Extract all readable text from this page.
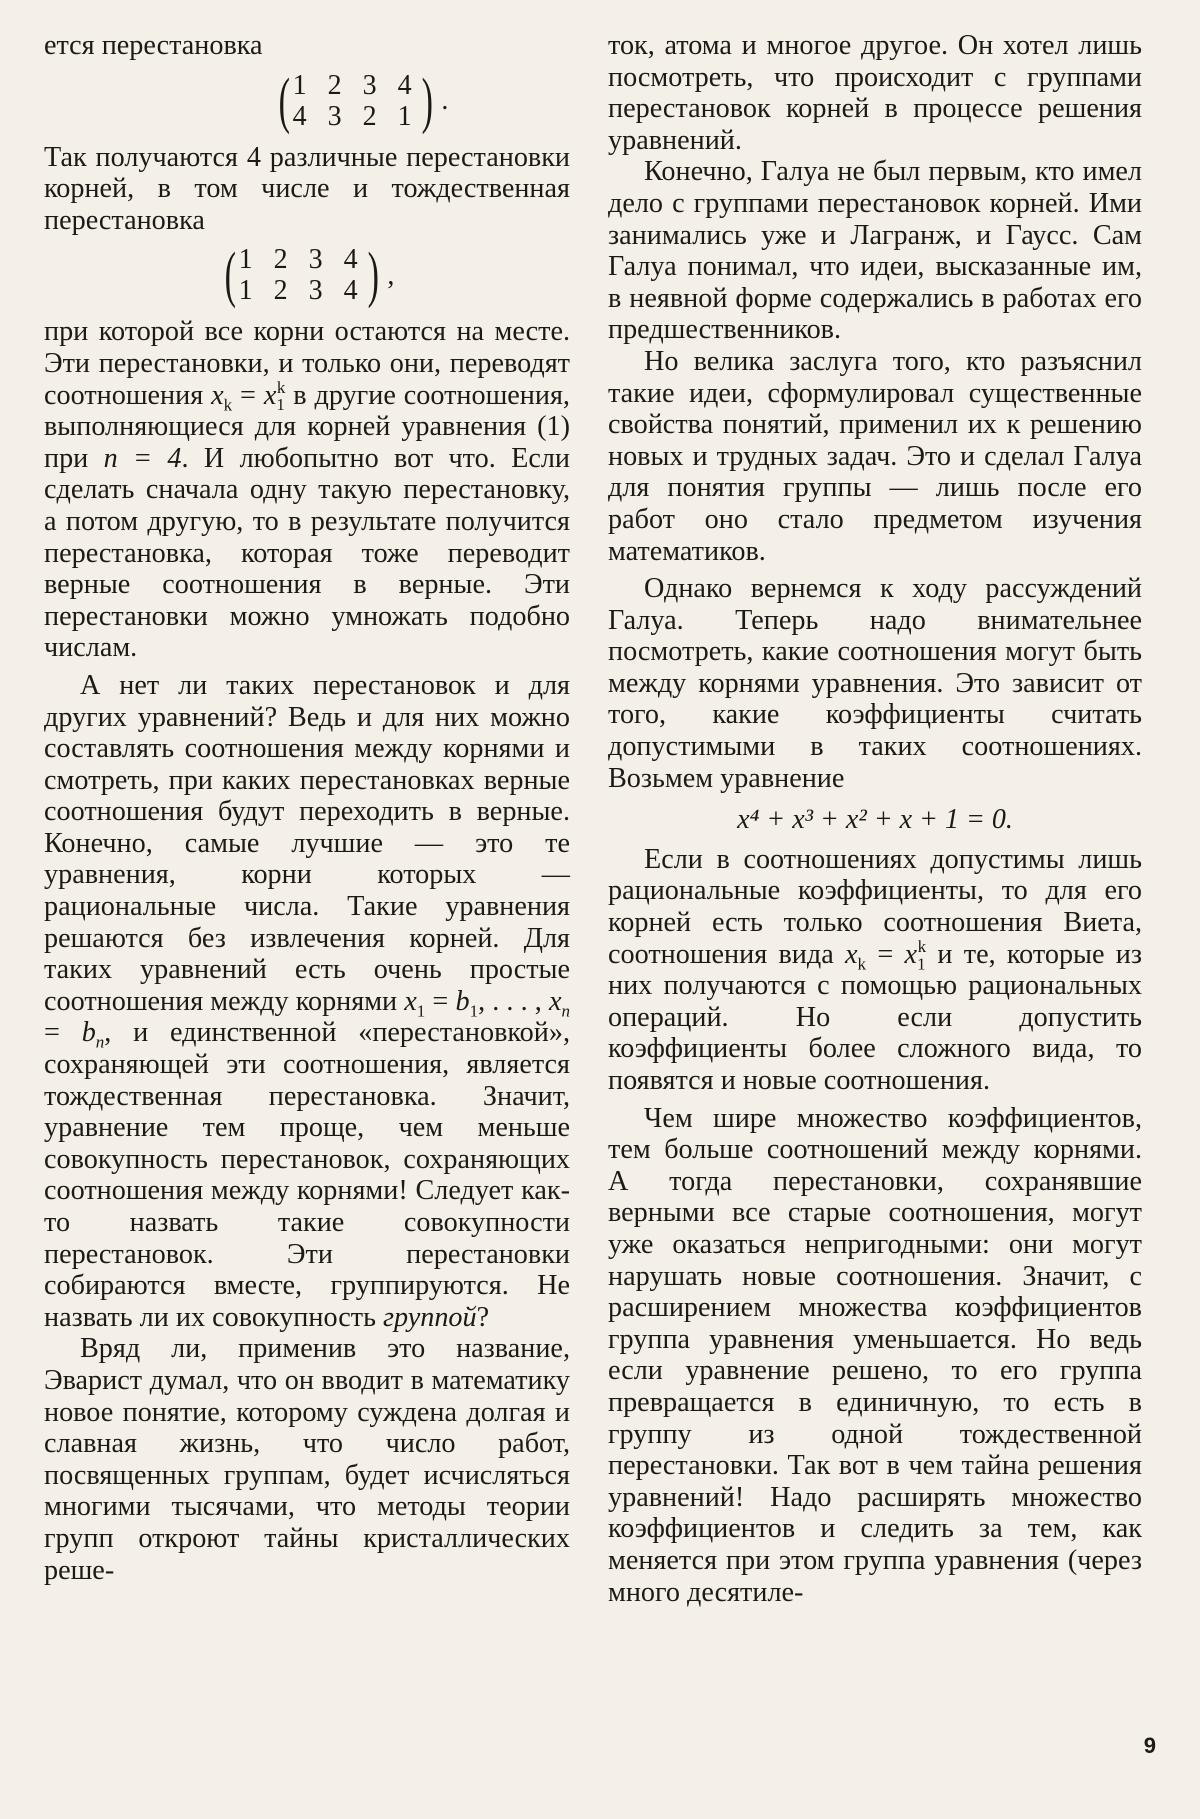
ется перестановка

( 1 2 3 4
4 3 2 1 ) .

Так получаются 4 различные перестановки корней, в том числе и тождественная перестановка

( 1 2 3 4
1 2 3 4 ) ,

при которой все корни остаются на месте. Эти перестановки, и только они, переводят соотношения $x_k = x_1^k$ в другие соотношения, выполняющиеся для корней уравнения (1) при n = 4. И любопытно вот что. Если сделать сначала одну такую перестановку, а потом другую, то в результате получится перестановка, которая тоже переводит верные соотношения в верные. Эти перестановки можно умножать подобно числам.

А нет ли таких перестановок и для других уравнений? Ведь и для них можно составлять соотношения между корнями и смотреть, при каких перестановках верные соотношения будут переходить в верные. Конечно, самые лучшие — это те уравнения, корни которых — рациональные числа. Такие уравнения решаются без извлечения корней. Для таких уравнений есть очень простые соотношения между корнями $x_1 = b_1$, . . . , $x_n = b_n$, и единственной «перестановкой», сохраняющей эти соотношения, является тождественная перестановка. Значит, уравнение тем проще, чем меньше совокупность перестановок, сохраняющих соотношения между корнями! Следует как-то назвать такие совокупности перестановок. Эти перестановки собираются вместе, группируются. Не назвать ли их совокупность группой?

Вряд ли, применив это название, Эварист думал, что он вводит в математику новое понятие, которому суждена долгая и славная жизнь, что число работ, посвященных группам, будет исчисляться многими тысячами, что методы теории групп откроют тайны кристаллических реше-

ток, атома и многое другое. Он хотел лишь посмотреть, что происходит с группами перестановок корней в процессе решения уравнений.

Конечно, Галуа не был первым, кто имел дело с группами перестановок корней. Ими занимались уже и Лагранж, и Гаусс. Сам Галуа понимал, что идеи, высказанные им, в неявной форме содержались в работах его предшественников.

Но велика заслуга того, кто разъяснил такие идеи, сформулировал существенные свойства понятий, применил их к решению новых и трудных задач. Это и сделал Галуа для понятия группы — лишь после его работ оно стало предметом изучения математиков.

Однако вернемся к ходу рассуждений Галуа. Теперь надо внимательнее посмотреть, какие соотношения могут быть между корнями уравнения. Это зависит от того, какие коэффициенты считать допустимыми в таких соотношениях. Возьмем уравнение

x⁴ + x³ + x² + x + 1 = 0.

Если в соотношениях допустимы лишь рациональные коэффициенты, то для его корней есть только соотношения Виета, соотношения вида $x_k = x_1^k$ и те, которые из них получаются с помощью рациональных операций. Но если допустить коэффициенты более сложного вида, то появятся и новые соотношения.

Чем шире множество коэффициентов, тем больше соотношений между корнями. А тогда перестановки, сохранявшие верными все старые соотношения, могут уже оказаться непригодными: они могут нарушать новые соотношения. Значит, с расширением множества коэффициентов группа уравнения уменьшается. Но ведь если уравнение решено, то его группа превращается в единичную, то есть в группу из одной тождественной перестановки. Так вот в чем тайна решения уравнений! Надо расширять множество коэффициентов и следить за тем, как меняется при этом группа уравнения (через много десятиле-

9
